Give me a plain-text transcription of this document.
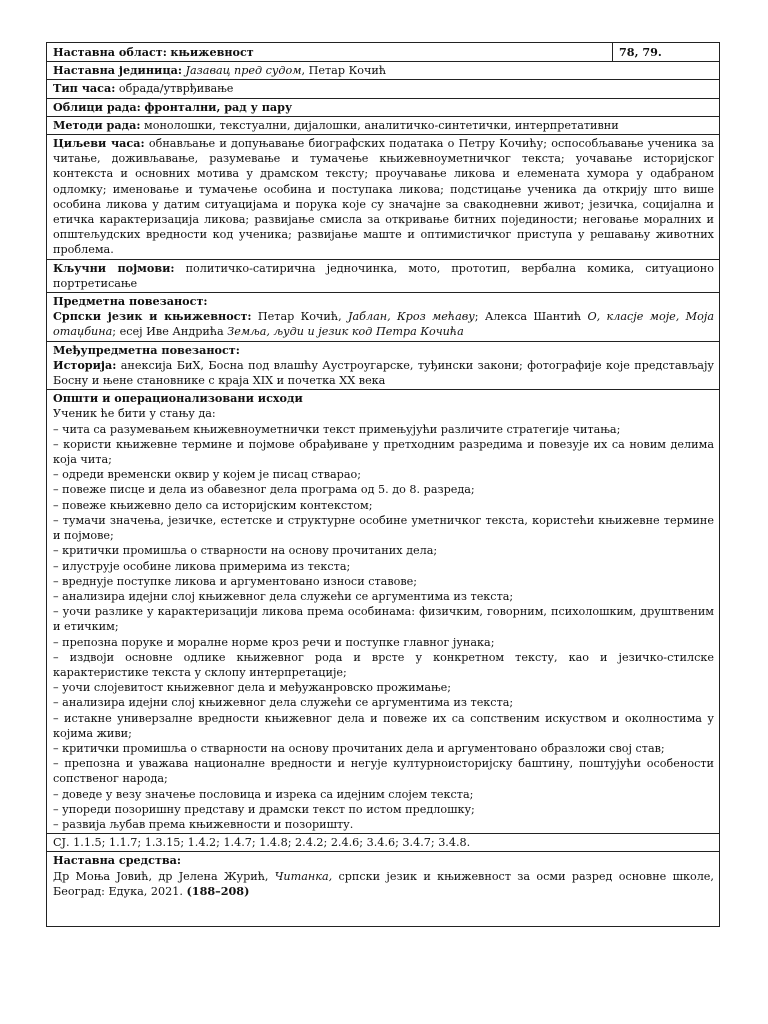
Наставна област: књижевност	78, 79.
Наставна јединица: Јазавац пред судом, Петар Кочић
Тип часа: обрада/утврђивање
Облици рада: фронтални, рад у пару
Методи рада: монолошки, текстуални, дијалошки, аналитичко-синтетички, интерпретативни
Циљеви часа: обнављање и допуњавање биографских података о Петру Кочићу; оспособљавање ученика за читање, доживљавање, разумевање и тумачење књижевноуметничког текста; уочавање историјског контекста и основних мотива у драмском тексту; проучавање ликова и елемената хумора у одабраном одломку; именовање и тумачење особина и поступака ликова; подстицање ученика да открију што више особина ликова у датим ситуацијама и порука које су значајне за свакодневни живот; језичка, социјална и етичка карактеризација ликова; развијање смисла за откривање битних појединости; неговање моралних и општељудских вредности код ученика; развијање маште и оптимистичког приступа у решавању животних проблема.
Кључни појмови: политичко-сатирична једночинка, мото, прототип, вербална комика, ситуационо портретисање

Предметна повезаност:
Српски језик и књижевност: Петар Кочић, Јаблан, Кроз мећаву; Алекса Шантић О, класје моје, Моја отаџбина; есеј Иве Андрића Земља, људи и језик код Петра Кочића

Међупредметна повезаност:
Историја: анексија БиХ, Босна под влашћу Аустроугарске, туђински закони; фотографије које представљају Босну и њене становнике с краја XIX и почетка XX века

Општи и операционализовани исходи
Ученик ће бити у стању да:
– чита са разумевањем књижевноуметнички текст примењујући различите стратегије читања;
– користи књижевне термине и појмове обрађиване у претходним разредима и повезује их са новим делима која чита;
– одреди временски оквир у којем је писац стварао;
– повеже писце и дела из обавезног дела програма од 5. до 8. разреда;
– повеже књижевно дело са историјским контекстом;
– тумачи значења, језичке, естетске и структурне особине уметничког текста, користећи књижевне термине и појмове;
– критички промишља о стварности на основу прочитаних дела;
– илуструје особине ликова примерима из текста;
– вреднује поступке ликова и аргументовано износи ставове;
– анализира идејни слој књижевног дела служећи се аргументима из текста;
– уочи разлике у карактеризацији ликова према особинама: физичким, говорним, психолошким, друштвеним и етичким;
– препозна поруке и моралне норме кроз речи и поступке главног јунака;
– издвоји основне одлике књижевног рода и врсте у конкретном тексту, као и језичко-стилске карактеристике текста у склопу интерпретације;
– уочи слојевитост књижевног дела и међужанровско прожимање;
– анализира идејни слој књижевног дела служећи се аргументима из текста;
– истакне универзалне вредности књижевног дела и повеже их са сопственим искуством и околностима у којима живи;
– критички промишља о стварности на основу прочитаних дела и аргументовано образложи свој став;
– препозна и уважава националне вредности и негује културноисторијску баштину, поштујући особености сопственог народа;
– доведе у везу значење пословица и изрека са идејним слојем текста;
– упореди позоришну представу и драмски текст по истом предлошку;
– развија љубав према књижевности и позоришту.

СЈ. 1.1.5; 1.1.7; 1.3.15; 1.4.2; 1.4.7; 1.4.8; 2.4.2; 2.4.6; 3.4.6; 3.4.7; 3.4.8.

Наставна средства:
Др Моња Јовић, др Јелена Журић, Читанка, српски језик и књижевност за осми разред основне школе, Београд: Едука, 2021. (188–208)
